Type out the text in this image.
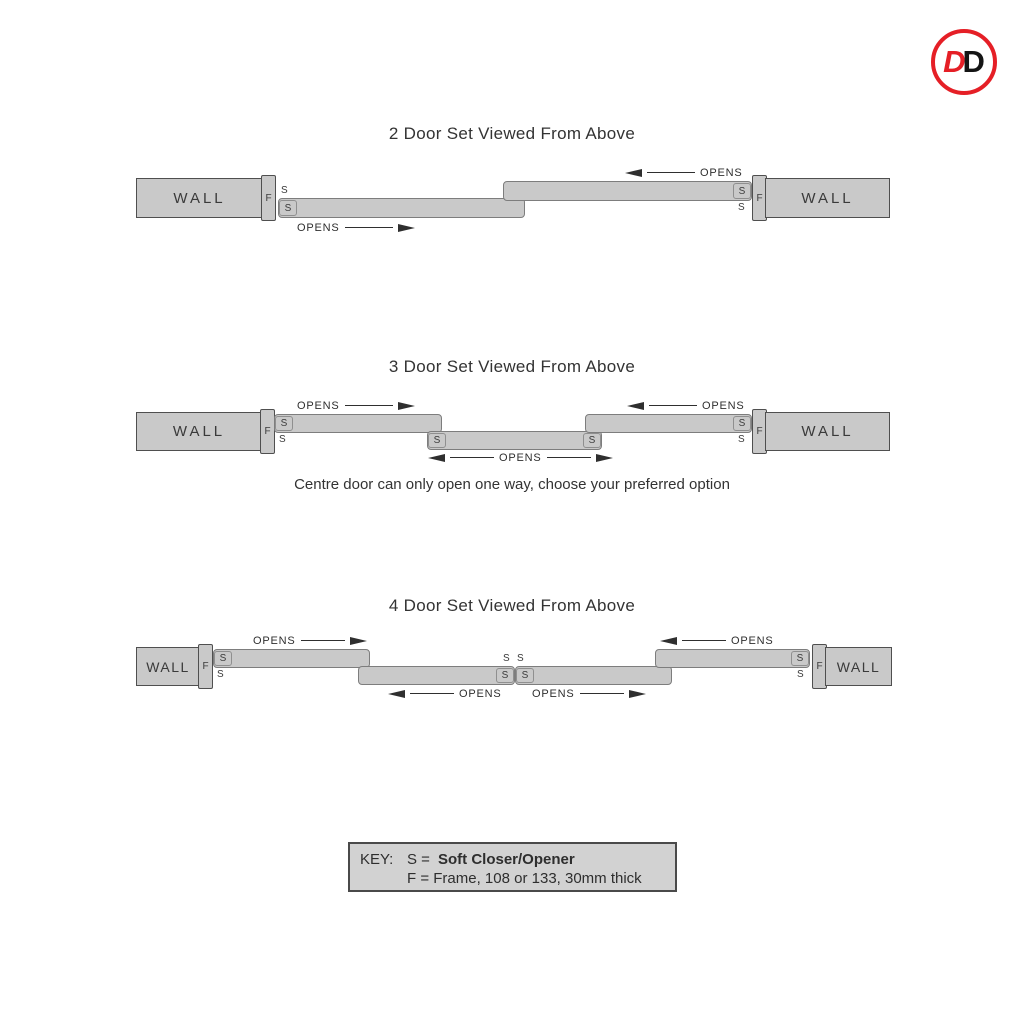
D D
2 Door Set Viewed From Above
WALL	F
S
S
S
S
F	WALL
OPENS
OPENS
3 Door Set Viewed From Above
WALL	F
S
S	S	S
S
S
F	WALL
OPENS	OPENS
OPENS
Centre door can only open one way, choose your preferred option
4 Door Set Viewed From Above
WALL	F
S
S
S S
S	S
S
S
F	WALL
OPENS	OPENS
OPENS	OPENS
KEY: S = Soft Closer/Opener
F = Frame, 108 or 133, 30mm thick
